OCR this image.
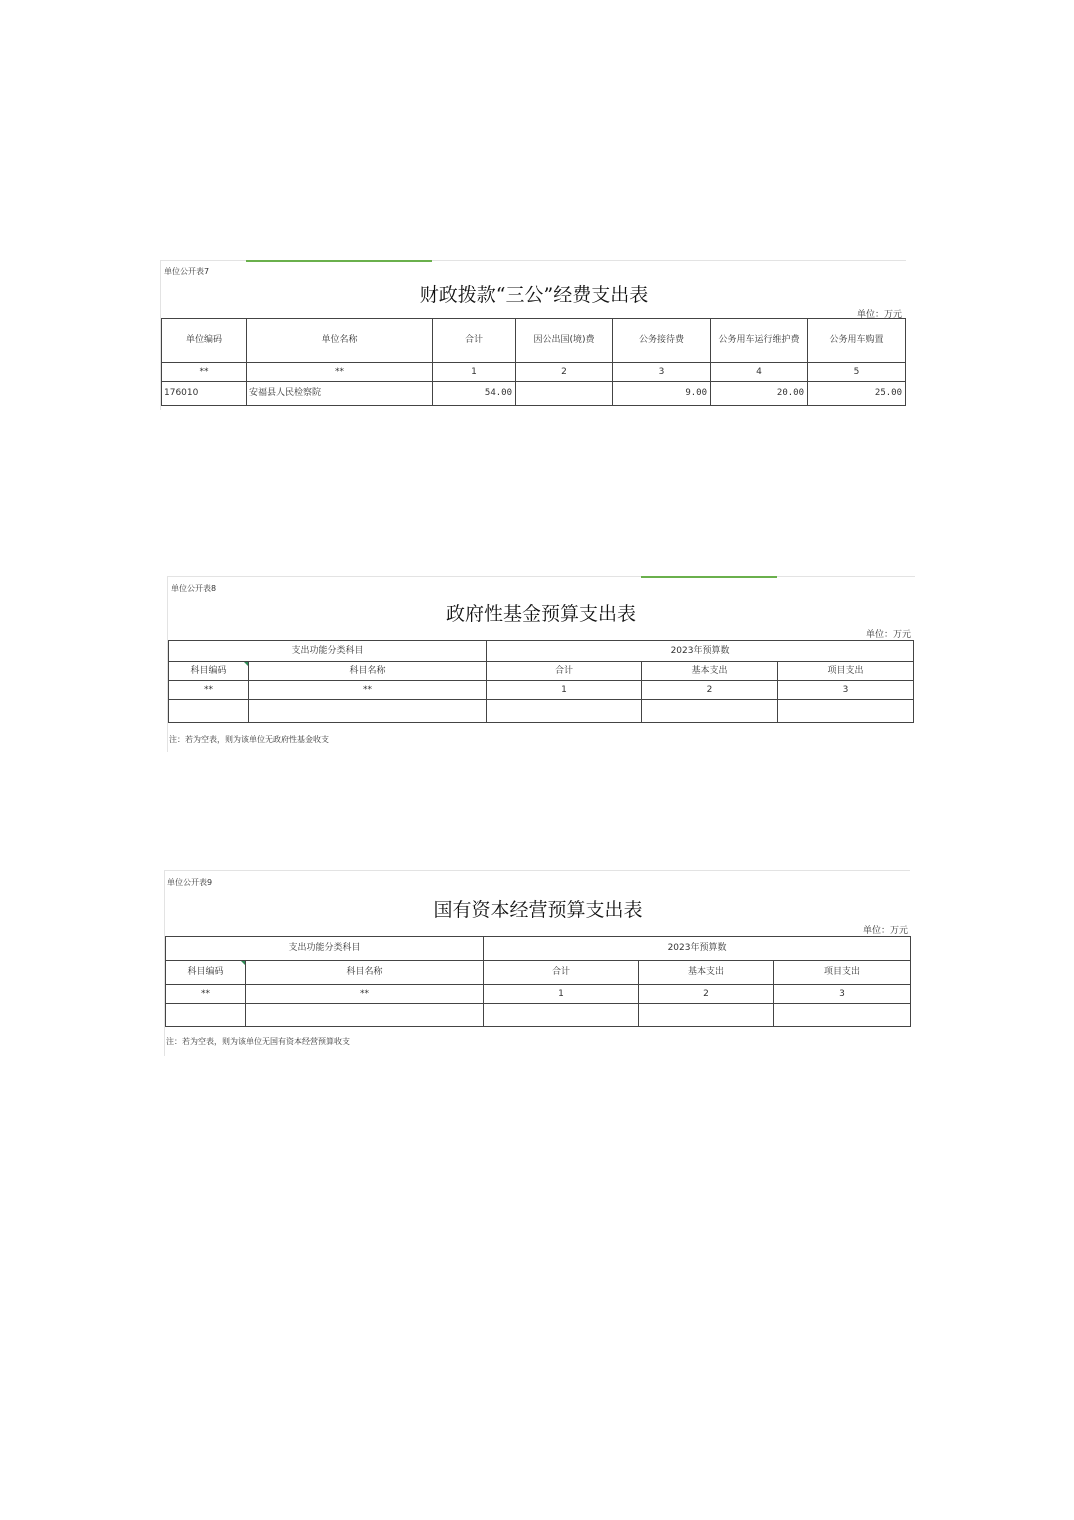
单位公开表7
财政拨款“三公”经费支出表
单位：万元
单位编码	单位名称	合计	因公出国(境)费	公务接待费	公务用车运行维护费	公务用车购置
**	**	1	2	3	4	5
176010	安福县人民检察院	54.00		9.00	20.00	25.00
单位公开表8
政府性基金预算支出表
单位：万元
支出功能分类科目		2023年预算数		
科目编码	科目名称	合计	基本支出	项目支出
**	**	1	2	3

注：若为空表，则为该单位无政府性基金收支
单位公开表9
国有资本经营预算支出表
单位：万元
支出功能分类科目		2023年预算数		
科目编码	科目名称	合计	基本支出	项目支出
**	**	1	2	3

注：若为空表，则为该单位无国有资本经营预算收支
